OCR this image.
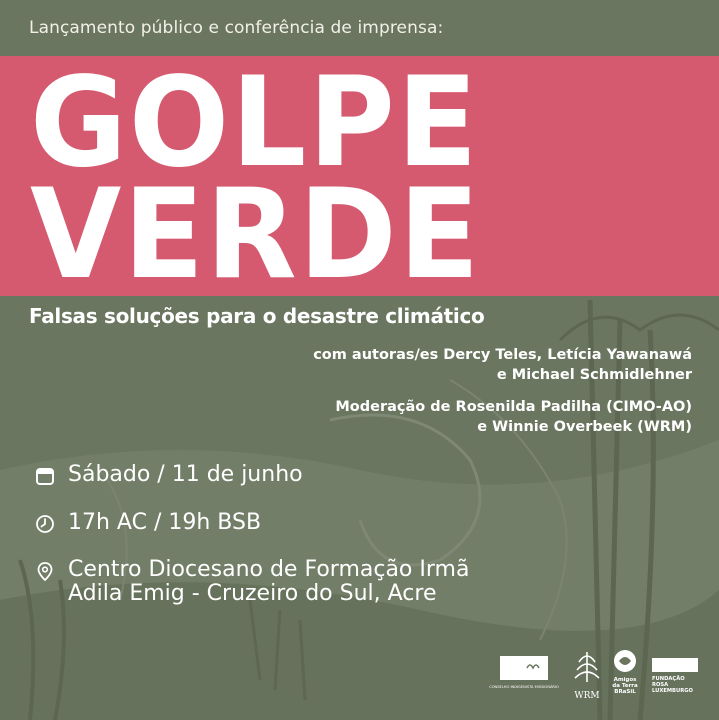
Lançamento público e conferência de imprensa:
GOLPE
VERDE
Falsas soluções para o desastre climático
com autoras/es Dercy Teles, Letícia Yawanawá
e Michael Schmidlehner
Moderação de Rosenilda Padilha (CIMO-AO)
e Winnie Overbeek (WRM)
Sábado / 11 de junho
17h AC / 19h BSB
Centro Diocesano de Formação Irmã
Adila Emig - Cruzeiro do Sul, Acre
CONSELHO INDIGENISTA MISSIONÁRIO
WRM
Amigos
da Terra
BRaSiL
FUNDAÇÃO
ROSA
LUXEMBURGO
